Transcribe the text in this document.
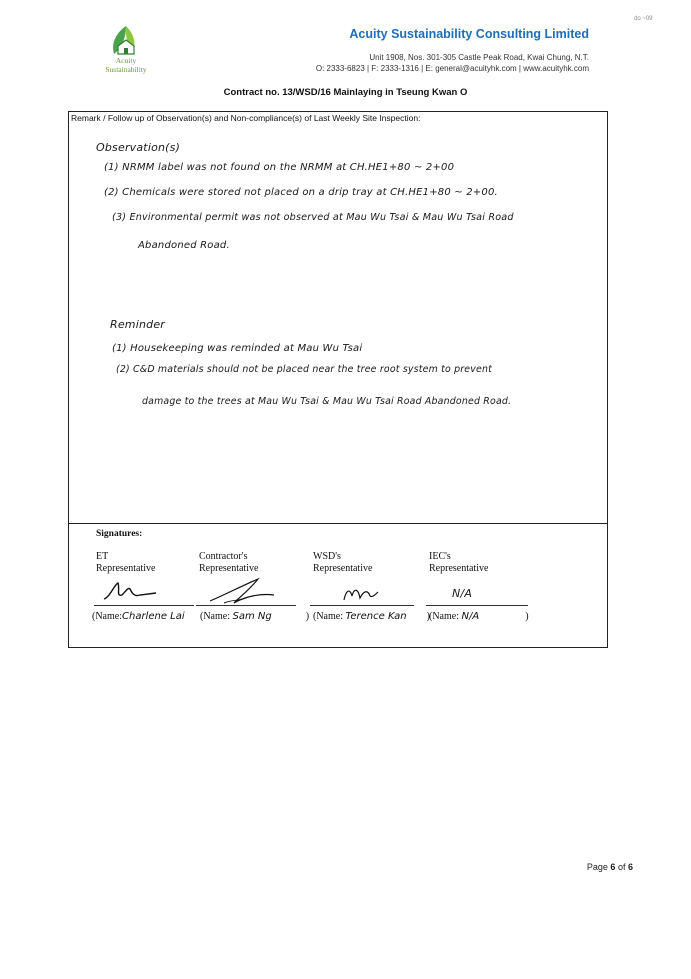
Acuity
Sustainability
do ~09
Acuity Sustainability Consulting Limited
Unit 1908, Nos. 301-305 Castle Peak Road, Kwai Chung, N.T.
O: 2333-6823 | F: 2333-1316 | E: general@acuityhk.com | www.acuityhk.com
Contract no. 13/WSD/16 Mainlaying in Tseung Kwan O
Remark / Follow up of Observation(s) and Non-compliance(s) of Last Weekly Site Inspection:
Observation(s)
(1) NRMM label was not found on the NRMM at CH.HE1+80 ~ 2+00
(2) Chemicals were stored not placed on a drip tray at CH.HE1+80 ~ 2+00.
(3) Environmental permit was not observed at Mau Wu Tsai & Mau Wu Tsai Road
Abandoned Road.
Reminder
(1) Housekeeping was reminded at Mau Wu Tsai
(2) C&D materials should not be placed near the tree root system to prevent
damage to the trees at Mau Wu Tsai & Mau Wu Tsai Road Abandoned Road.
Signatures:
ET
Representative
Contractor's
Representative
WSD's
Representative
IEC's
Representative
N/A
(Name:Charlene Lai (Name: Sam Ng	) (Name: Terence Kan ) (Name: N/A	)
Page 6 of 6
